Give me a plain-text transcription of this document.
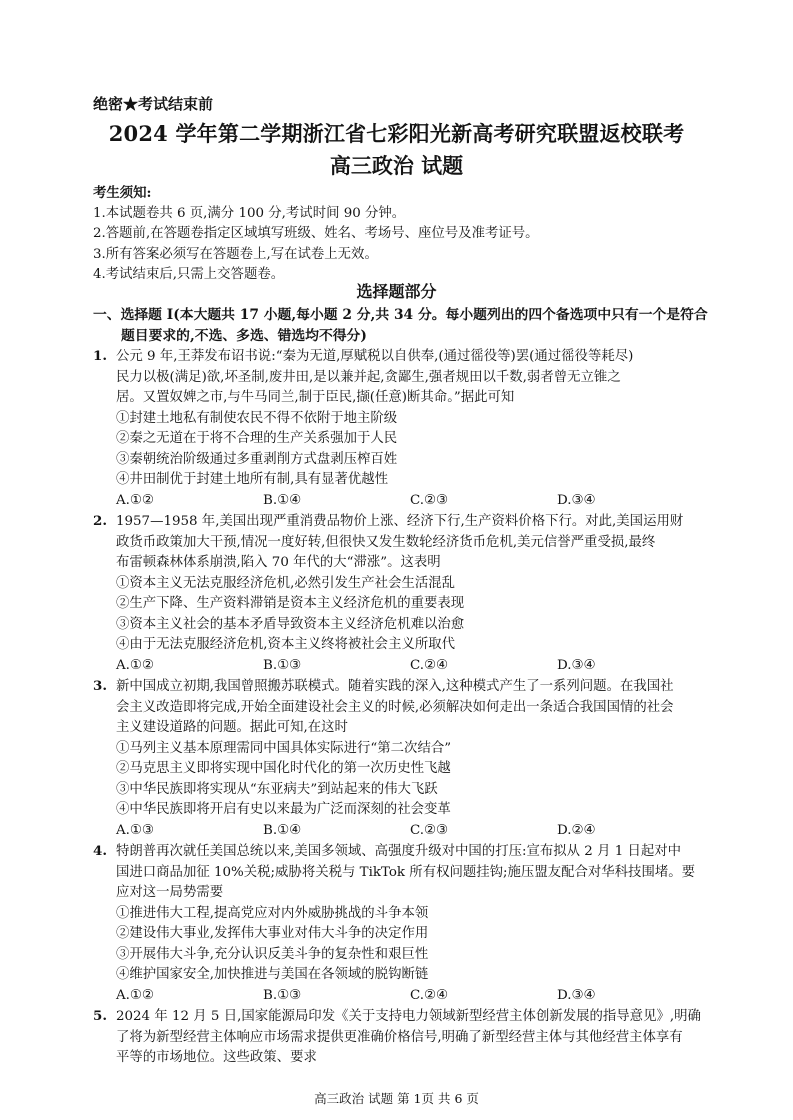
绝密★考试结束前
2024 学年第二学期浙江省七彩阳光新高考研究联盟返校联考
高三政治 试题
考生须知:
1.本试题卷共 6 页,满分 100 分,考试时间 90 分钟。
2.答题前,在答题卷指定区域填写班级、姓名、考场号、座位号及准考证号。
3.所有答案必须写在答题卷上,写在试卷上无效。
4.考试结束后,只需上交答题卷。
选择题部分
一、选择题 I(本大题共 17 小题,每小题 2 分,共 34 分。每小题列出的四个备选项中只有一个是符合
题目要求的,不选、多选、错选均不得分)
1. 公元 9 年,王莽发布诏书说:“秦为无道,厚赋税以自供奉,(通过徭役等)罢(通过徭役等耗尽)
民力以极(满足)欲,坏圣制,废井田,是以兼并起,贪鄙生,强者规田以千数,弱者曾无立锥之
居。又置奴婢之市,与牛马同兰,制于臣民,撷(任意)断其命。”据此可知
①封建土地私有制使农民不得不依附于地主阶级
②秦之无道在于将不合理的生产关系强加于人民
③秦朝统治阶级通过多重剥削方式盘剥压榨百姓
④井田制优于封建土地所有制,具有显著优越性
A.①②	B.①④	C.②③	D.③④
2. 1957—1958 年,美国出现严重消费品物价上涨、经济下行,生产资料价格下行。对此,美国运用财
政货币政策加大干预,情况一度好转,但很快又发生数轮经济货币危机,美元信誉严重受损,最终
布雷顿森林体系崩溃,陷入 70 年代的大“滞涨”。这表明
①资本主义无法克服经济危机,必然引发生产社会生活混乱
②生产下降、生产资料滞销是资本主义经济危机的重要表现
③资本主义社会的基本矛盾导致资本主义经济危机难以治愈
④由于无法克服经济危机,资本主义终将被社会主义所取代
A.①②	B.①③	C.②④	D.③④
3. 新中国成立初期,我国曾照搬苏联模式。随着实践的深入,这种模式产生了一系列问题。在我国社
会主义改造即将完成,开始全面建设社会主义的时候,必须解决如何走出一条适合我国国情的社会
主义建设道路的问题。据此可知,在这时
①马列主义基本原理需同中国具体实际进行“第二次结合”
②马克思主义即将实现中国化时代化的第一次历史性飞越
③中华民族即将实现从“东亚病夫”到站起来的伟大飞跃
④中华民族即将开启有史以来最为广泛而深刻的社会变革
A.①③	B.①④	C.②③	D.②④
4. 特朗普再次就任美国总统以来,美国多领域、高强度升级对中国的打压:宣布拟从 2 月 1 日起对中
国进口商品加征 10%关税;威胁将关税与 TikTok 所有权问题挂钩;施压盟友配合对华科技围堵。要
应对这一局势需要
①推进伟大工程,提高党应对内外威胁挑战的斗争本领
②建设伟大事业,发挥伟大事业对伟大斗争的决定作用
③开展伟大斗争,充分认识反美斗争的复杂性和艰巨性
④维护国家安全,加快推进与美国在各领域的脱钩断链
A.①②	B.①③	C.②④	D.③④
5. 2024 年 12 月 5 日,国家能源局印发《关于支持电力领域新型经营主体创新发展的指导意见》,明确
了将为新型经营主体响应市场需求提供更准确价格信号,明确了新型经营主体与其他经营主体享有
平等的市场地位。这些政策、要求
高三政治 试题 第 1页 共 6 页
